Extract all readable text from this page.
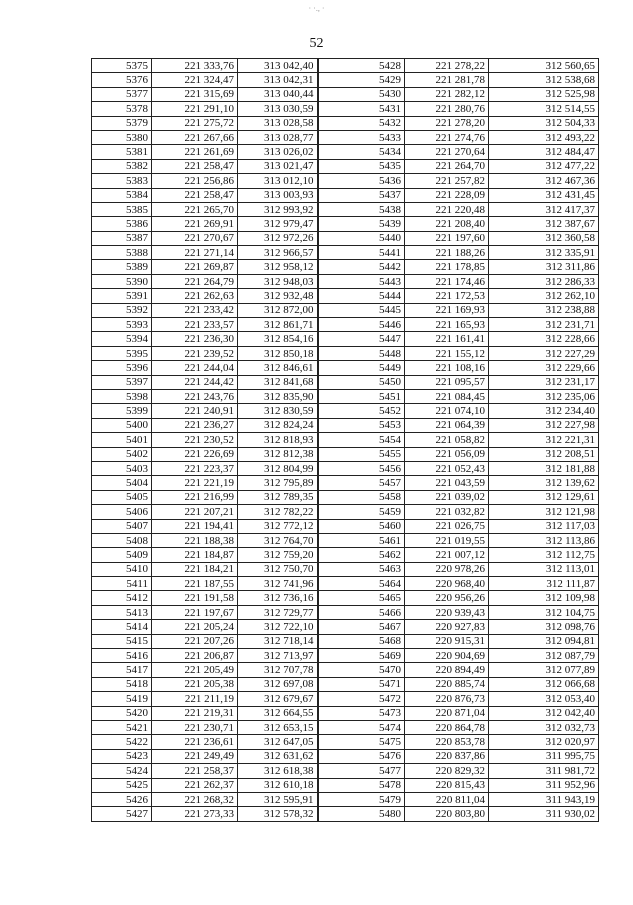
· ·., ·
52
5375	221 333,76	313 042,40	5428	221 278,22	312 560,65
5376	221 324,47	313 042,31	5429	221 281,78	312 538,68
5377	221 315,69	313 040,44	5430	221 282,12	312 525,98
5378	221 291,10	313 030,59	5431	221 280,76	312 514,55
5379	221 275,72	313 028,58	5432	221 278,20	312 504,33
5380	221 267,66	313 028,77	5433	221 274,76	312 493,22
5381	221 261,69	313 026,02	5434	221 270,64	312 484,47
5382	221 258,47	313 021,47	5435	221 264,70	312 477,22
5383	221 256,86	313 012,10	5436	221 257,82	312 467,36
5384	221 258,47	313 003,93	5437	221 228,09	312 431,45
5385	221 265,70	312 993,92	5438	221 220,48	312 417,37
5386	221 269,91	312 979,47	5439	221 208,40	312 387,67
5387	221 270,67	312 972,26	5440	221 197,60	312 360,58
5388	221 271,14	312 966,57	5441	221 188,26	312 335,91
5389	221 269,87	312 958,12	5442	221 178,85	312 311,86
5390	221 264,79	312 948,03	5443	221 174,46	312 286,33
5391	221 262,63	312 932,48	5444	221 172,53	312 262,10
5392	221 233,42	312 872,00	5445	221 169,93	312 238,88
5393	221 233,57	312 861,71	5446	221 165,93	312 231,71
5394	221 236,30	312 854,16	5447	221 161,41	312 228,66
5395	221 239,52	312 850,18	5448	221 155,12	312 227,29
5396	221 244,04	312 846,61	5449	221 108,16	312 229,66
5397	221 244,42	312 841,68	5450	221 095,57	312 231,17
5398	221 243,76	312 835,90	5451	221 084,45	312 235,06
5399	221 240,91	312 830,59	5452	221 074,10	312 234,40
5400	221 236,27	312 824,24	5453	221 064,39	312 227,98
5401	221 230,52	312 818,93	5454	221 058,82	312 221,31
5402	221 226,69	312 812,38	5455	221 056,09	312 208,51
5403	221 223,37	312 804,99	5456	221 052,43	312 181,88
5404	221 221,19	312 795,89	5457	221 043,59	312 139,62
5405	221 216,99	312 789,35	5458	221 039,02	312 129,61
5406	221 207,21	312 782,22	5459	221 032,82	312 121,98
5407	221 194,41	312 772,12	5460	221 026,75	312 117,03
5408	221 188,38	312 764,70	5461	221 019,55	312 113,86
5409	221 184,87	312 759,20	5462	221 007,12	312 112,75
5410	221 184,21	312 750,70	5463	220 978,26	312 113,01
5411	221 187,55	312 741,96	5464	220 968,40	312 111,87
5412	221 191,58	312 736,16	5465	220 956,26	312 109,98
5413	221 197,67	312 729,77	5466	220 939,43	312 104,75
5414	221 205,24	312 722,10	5467	220 927,83	312 098,76
5415	221 207,26	312 718,14	5468	220 915,31	312 094,81
5416	221 206,87	312 713,97	5469	220 904,69	312 087,79
5417	221 205,49	312 707,78	5470	220 894,49	312 077,89
5418	221 205,38	312 697,08	5471	220 885,74	312 066,68
5419	221 211,19	312 679,67	5472	220 876,73	312 053,40
5420	221 219,31	312 664,55	5473	220 871,04	312 042,40
5421	221 230,71	312 653,15	5474	220 864,78	312 032,73
5422	221 236,61	312 647,05	5475	220 853,78	312 020,97
5423	221 249,49	312 631,62	5476	220 837,86	311 995,75
5424	221 258,37	312 618,38	5477	220 829,32	311 981,72
5425	221 262,37	312 610,18	5478	220 815,43	311 952,96
5426	221 268,32	312 595,91	5479	220 811,04	311 943,19
5427	221 273,33	312 578,32	5480	220 803,80	311 930,02
